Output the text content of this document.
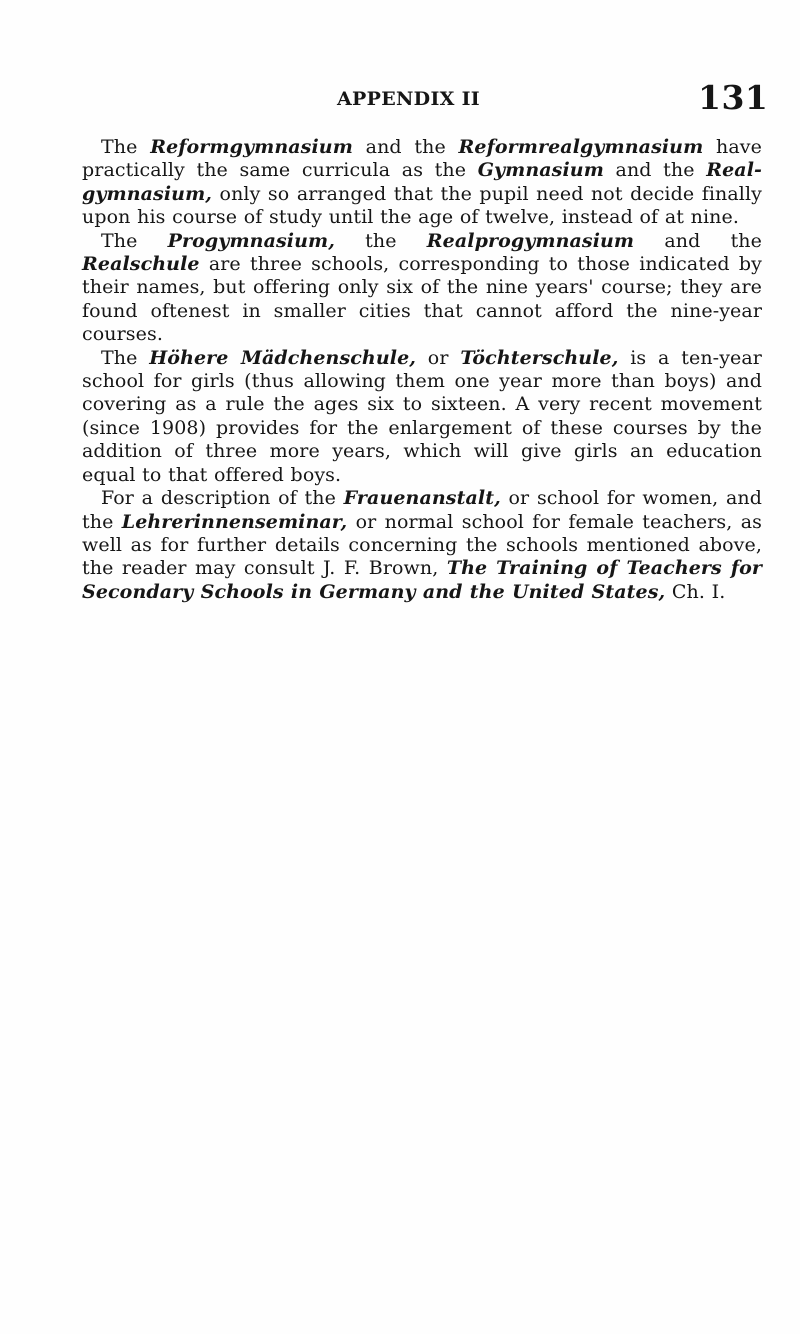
APPENDIX II	131

The Reformgymnasium and the Reformrealgymnasium have practically the same curricula as the Gymnasium and the Real-gymnasium, only so arranged that the pupil need not decide finally upon his course of study until the age of twelve, instead of at nine.

The Progymnasium, the Realprogymnasium and the Realschule are three schools, corresponding to those indicated by their names, but offering only six of the nine years' course; they are found oftenest in smaller cities that cannot afford the nine-year courses.

The Höhere Mädchenschule, or Töchterschule, is a ten-year school for girls (thus allowing them one year more than boys) and covering as a rule the ages six to sixteen. A very recent movement (since 1908) provides for the enlargement of these courses by the addition of three more years, which will give girls an education equal to that offered boys.

For a description of the Frauenanstalt, or school for women, and the Lehrerinnenseminar, or normal school for female teachers, as well as for further details concerning the schools mentioned above, the reader may consult J. F. Brown, The Training of Teachers for Secondary Schools in Germany and the United States, Ch. I.
